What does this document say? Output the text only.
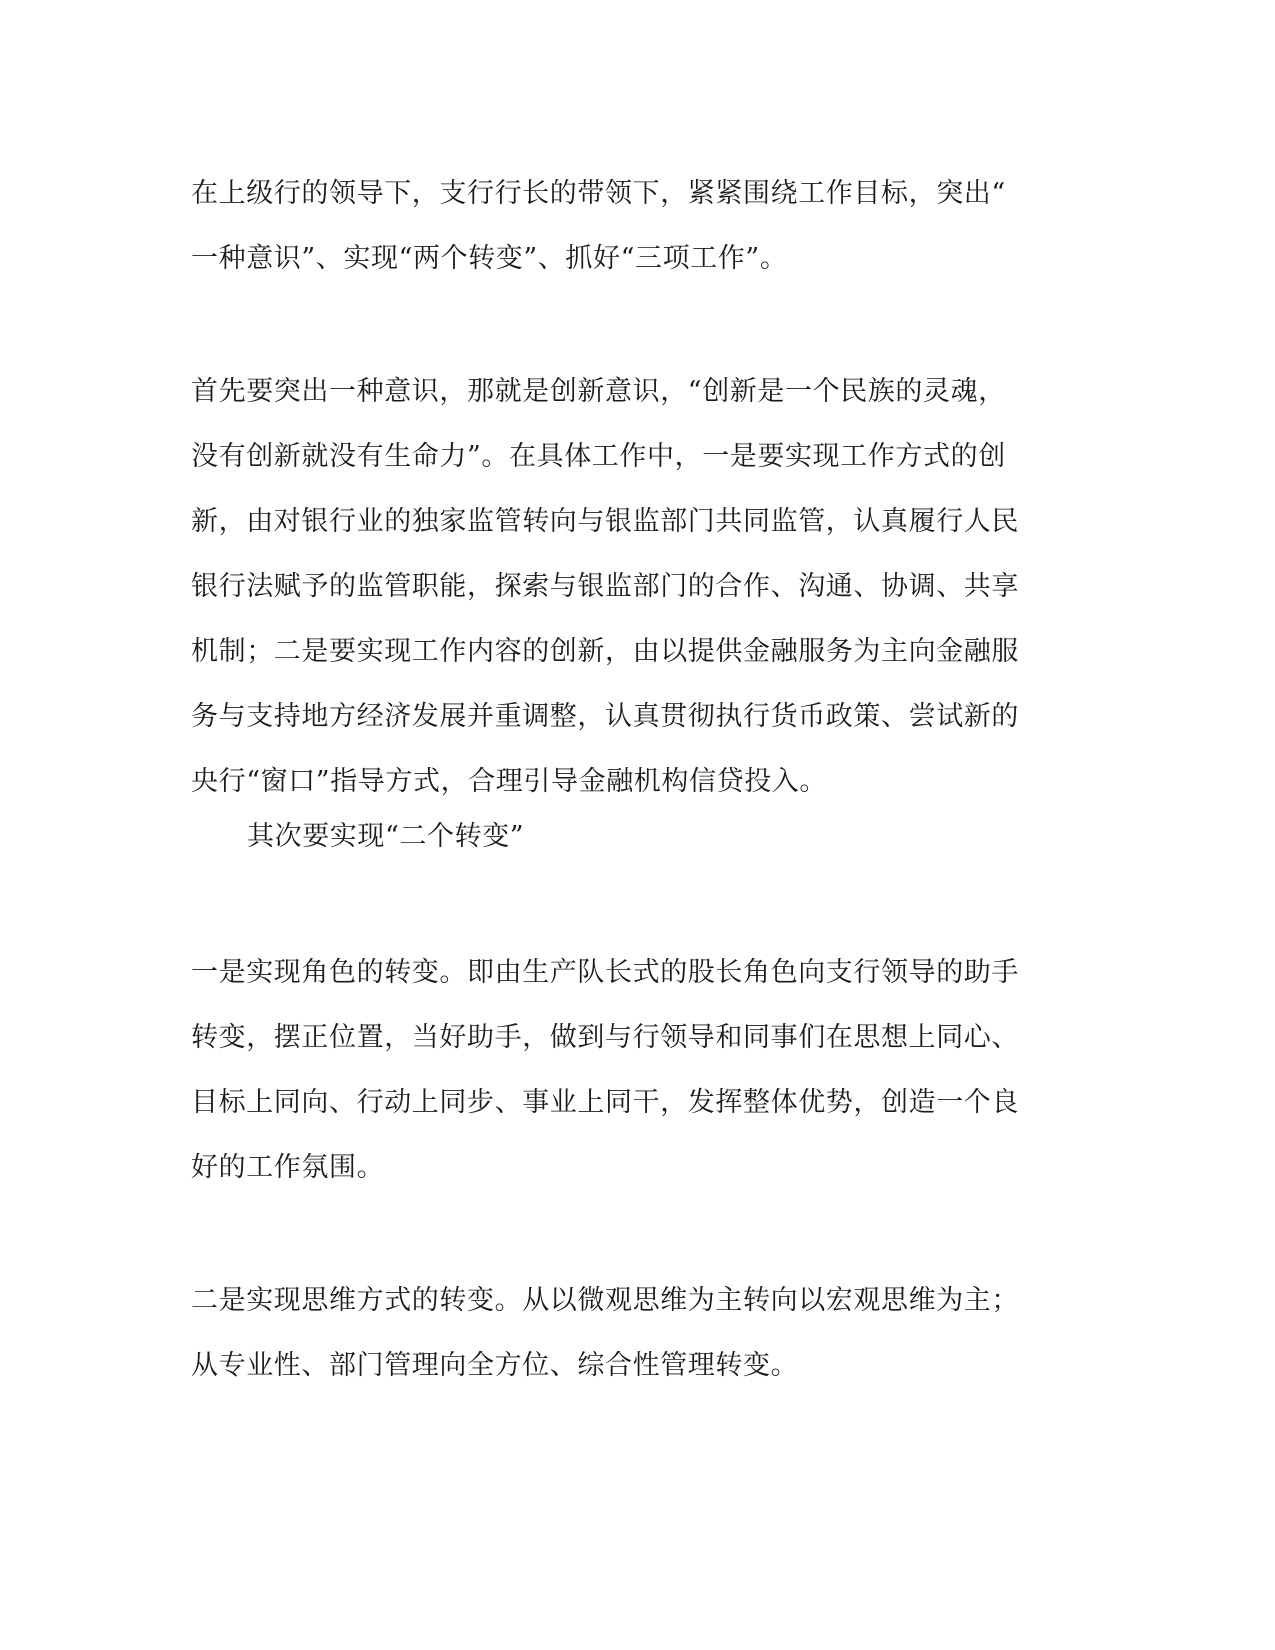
在上级行的领导下，支行行长的带领下，紧紧围绕工作目标，突出“
一种意识”、实现“两个转变”、抓好“三项工作”。
首先要突出一种意识，那就是创新意识，“创新是一个民族的灵魂，
没有创新就没有生命力”。在具体工作中，一是要实现工作方式的创
新，由对银行业的独家监管转向与银监部门共同监管，认真履行人民
银行法赋予的监管职能，探索与银监部门的合作、沟通、协调、共享
机制；二是要实现工作内容的创新，由以提供金融服务为主向金融服
务与支持地方经济发展并重调整，认真贯彻执行货币政策、尝试新的
央行“窗口”指导方式，合理引导金融机构信贷投入。
其次要实现“二个转变”
一是实现角色的转变。即由生产队长式的股长角色向支行领导的助手
转变，摆正位置，当好助手，做到与行领导和同事们在思想上同心、
目标上同向、行动上同步、事业上同干，发挥整体优势，创造一个良
好的工作氛围。
二是实现思维方式的转变。从以微观思维为主转向以宏观思维为主；
从专业性、部门管理向全方位、综合性管理转变。
